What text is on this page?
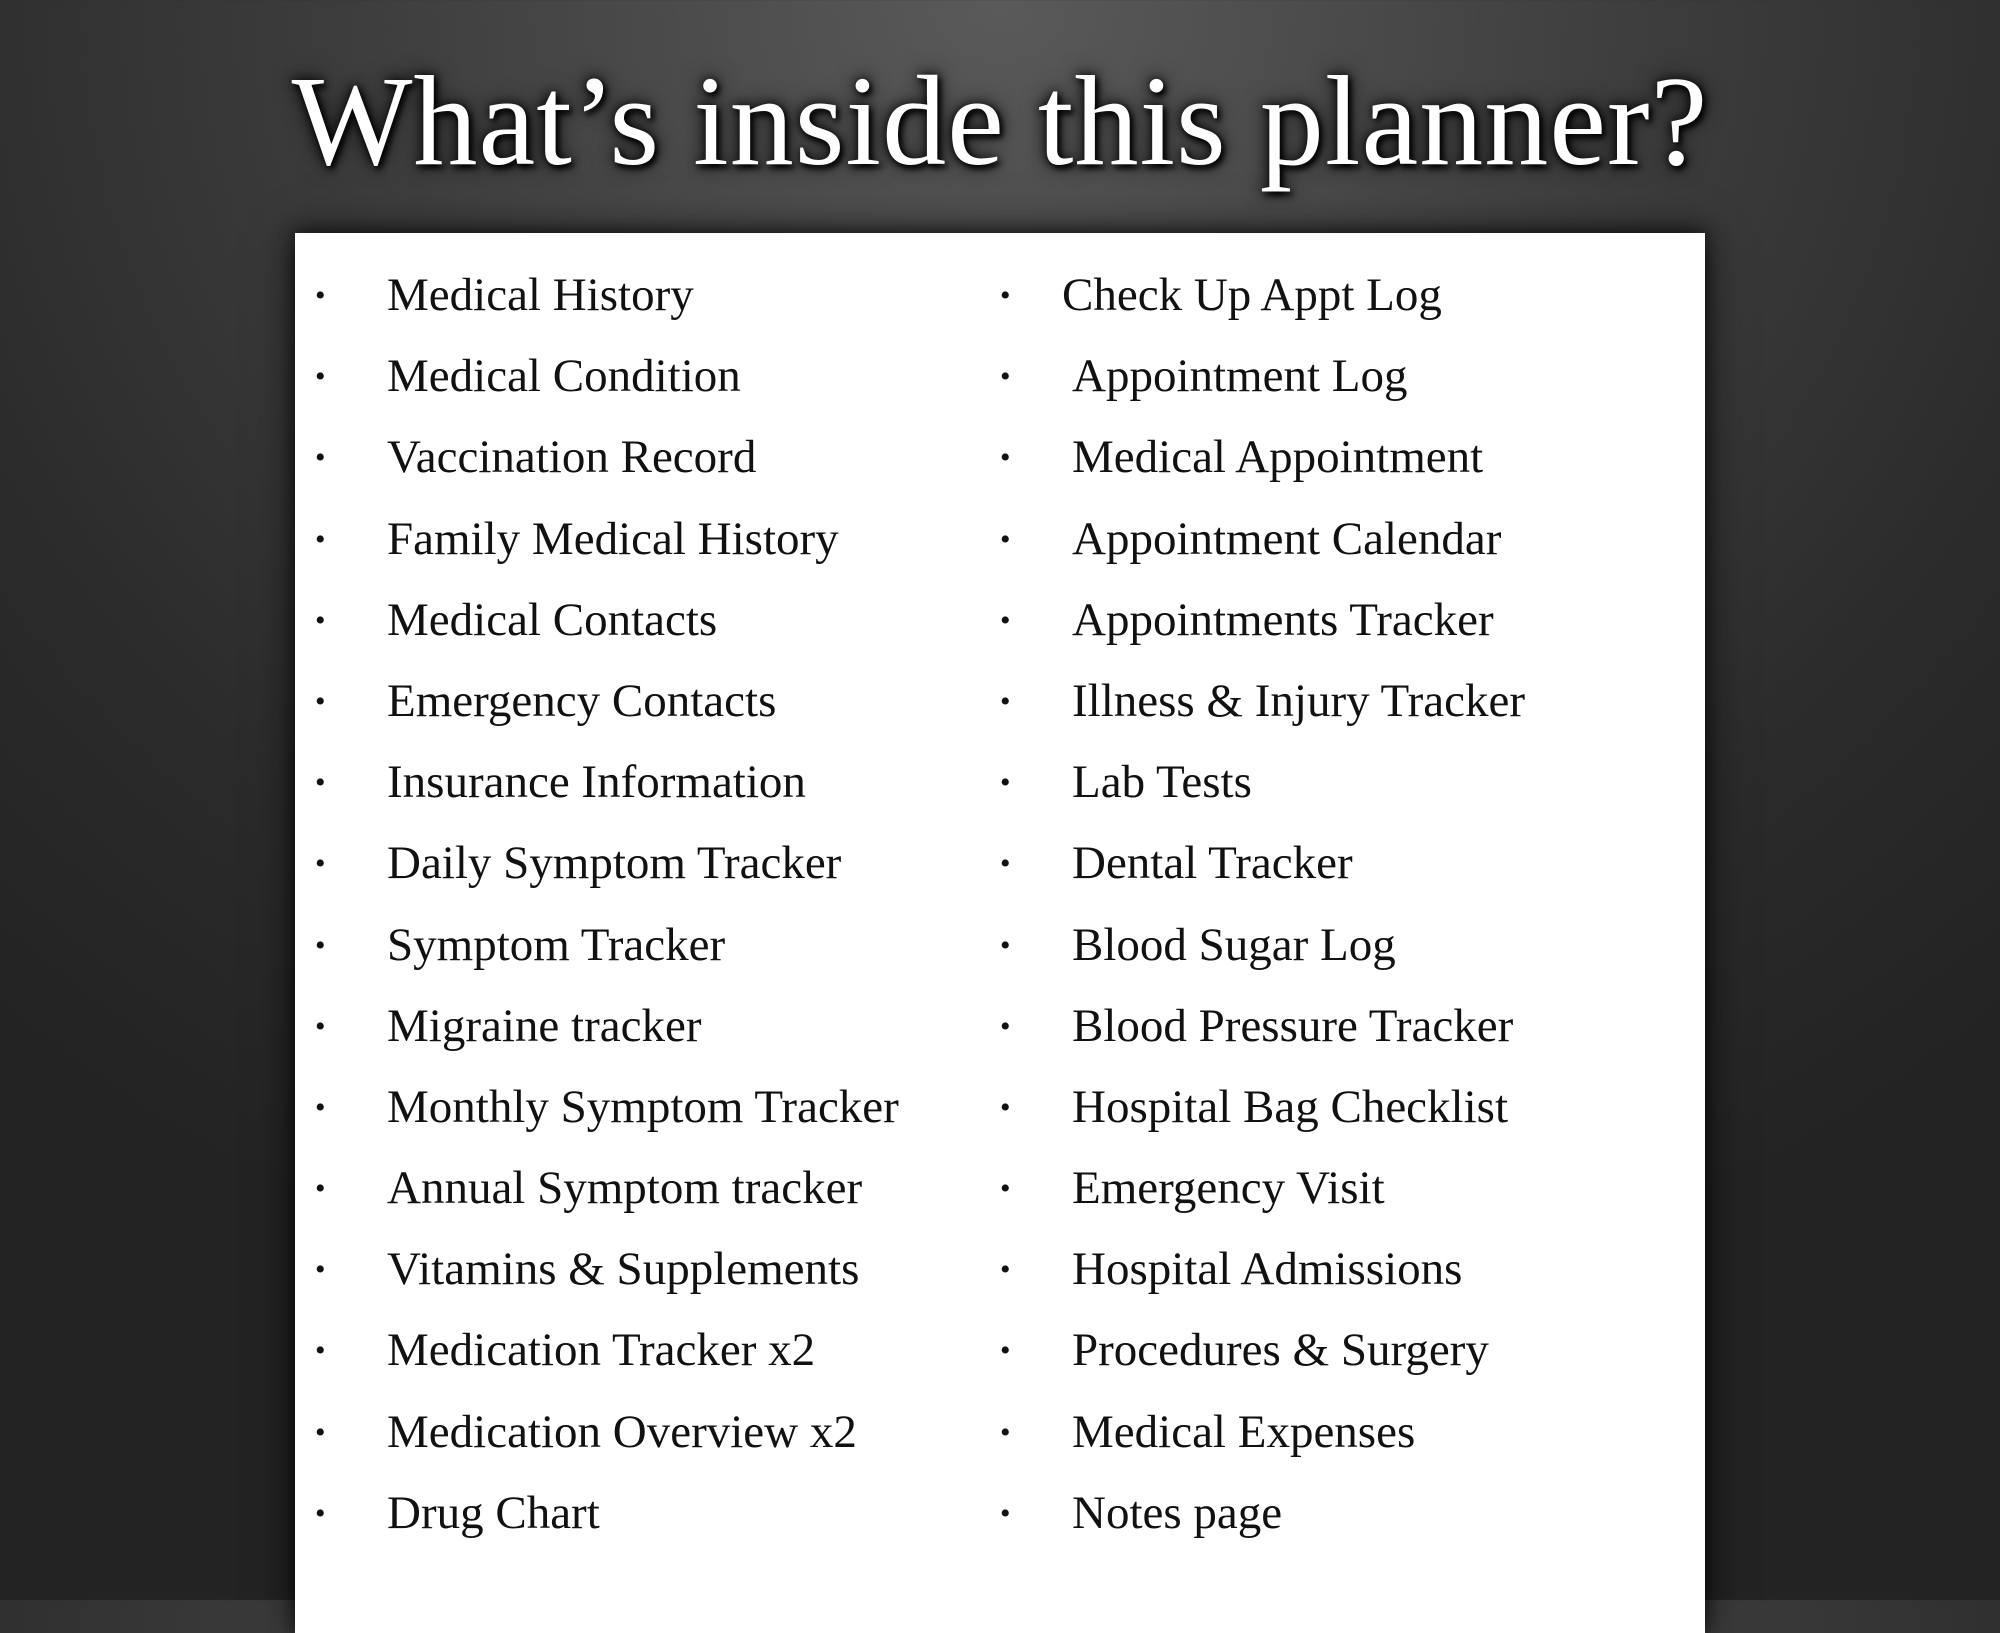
What’s inside this planner?
• Medical History
• Medical Condition
• Vaccination Record
• Family Medical History
• Medical Contacts
• Emergency Contacts
• Insurance Information
• Daily Symptom Tracker
• Symptom Tracker
• Migraine tracker
• Monthly Symptom Tracker
• Annual Symptom tracker
• Vitamins & Supplements
• Medication Tracker x2
• Medication Overview x2
• Drug Chart
• Check Up Appt Log
• Appointment Log
• Medical Appointment
• Appointment Calendar
• Appointments Tracker
• Illness & Injury Tracker
• Lab Tests
• Dental Tracker
• Blood Sugar Log
• Blood Pressure Tracker
• Hospital Bag Checklist
• Emergency Visit
• Hospital Admissions
• Procedures & Surgery
• Medical Expenses
• Notes page
